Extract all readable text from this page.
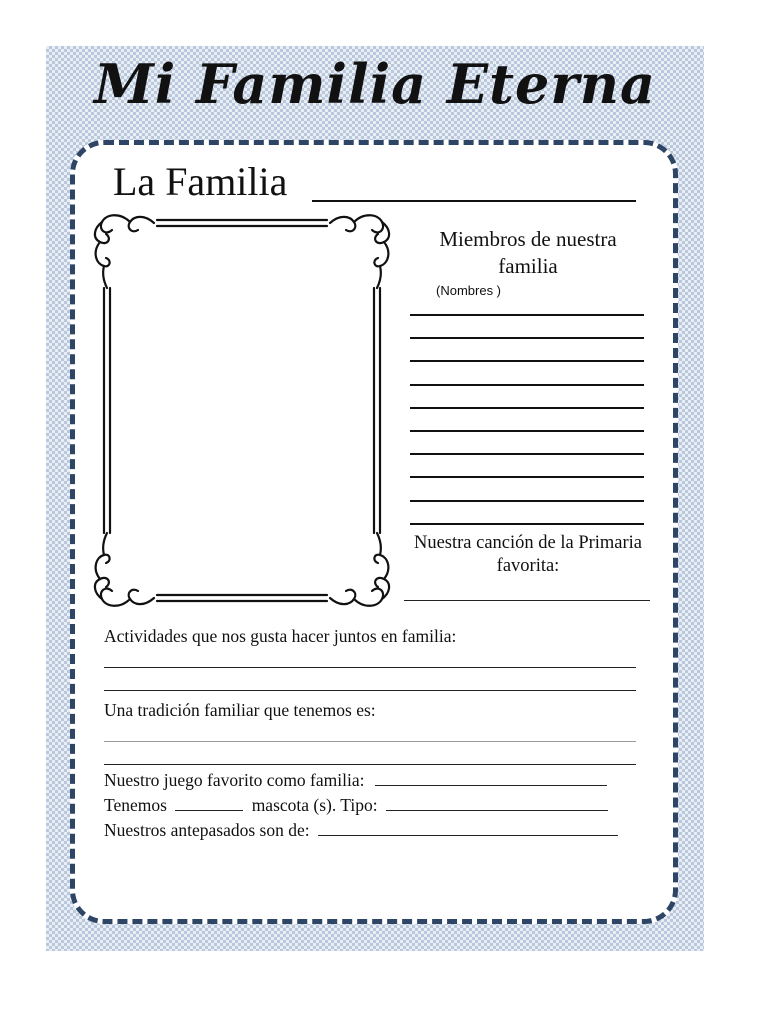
Mi Familia Eterna
La Familia
Miembros de nuestra
familia
(Nombres )
Nuestra canción de la Primaria
favorita:
Actividades que nos gusta hacer juntos en familia:
Una tradición familiar que tenemos es:
Nuestro juego favorito como familia:
Tenemos	mascota (s). Tipo:
Nuestros antepasados son de:
